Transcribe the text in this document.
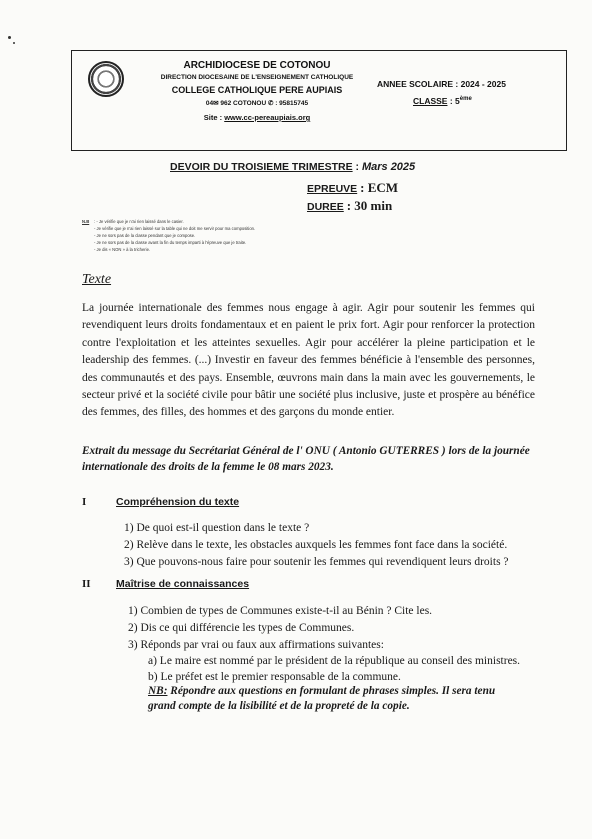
ARCHIDIOCESE DE COTONOU
DIRECTION DIOCESAINE DE L'ENSEIGNEMENT CATHOLIQUE
COLLEGE CATHOLIQUE PERE AUPIAIS
04✉ 962 COTONOU ✆ : 95815745
Site : www.cc-pereaupiais.org
ANNEE SCOLAIRE : 2024 - 2025
CLASSE : 5ème
DEVOIR DU TROISIEME TRIMESTRE : Mars 2025
EPREUVE : ECM
DUREE : 30 min
N.B : - Je vérifie que je n'ai rien laissé dans le casier.
- Je vérifie que je n'ai rien laissé sur la table qui ne doit me servir pour ma composition.
- Je ne sors pas de la classe pendant que je compose.
- Je ne sors pas de la classe avant la fin du temps imparti à l'épreuve que je traite.
- Je dis « NON » à la tricherie.
Texte
La journée internationale des femmes nous engage à agir. Agir pour soutenir les femmes qui revendiquent leurs droits fondamentaux et en paient le prix fort. Agir pour renforcer la protection contre l'exploitation et les atteintes sexuelles. Agir pour accélérer la pleine participation et le leadership des femmes. (...) Investir en faveur des femmes bénéficie à l'ensemble des personnes, des communautés et des pays. Ensemble, œuvrons main dans la main avec les gouvernements, le secteur privé et la société civile pour bâtir une société plus inclusive, juste et prospère au bénéfice des femmes, des filles, des hommes et des garçons du monde entier.
Extrait du message du Secrétariat Général de l' ONU ( Antonio GUTERRES ) lors de la journée internationale des droits de la femme le 08 mars 2023.
I	Compréhension du texte
1) De quoi est-il question dans le texte ?
2) Relève dans le texte, les obstacles auxquels les femmes font face dans la société.
3) Que pouvons-nous faire pour soutenir les femmes qui revendiquent leurs droits ?
II Maîtrise de connaissances
1) Combien de types de Communes existe-t-il au Bénin ? Cite les.
2) Dis ce qui différencie les types de Communes.
3) Réponds par vrai ou faux aux affirmations suivantes:
a) Le maire est nommé par le président de la république au conseil des ministres.
b) Le préfet est le premier responsable de la commune.
NB: Répondre aux questions en formulant de phrases simples. Il sera tenu
grand compte de la lisibilité et de la propreté de la copie.
